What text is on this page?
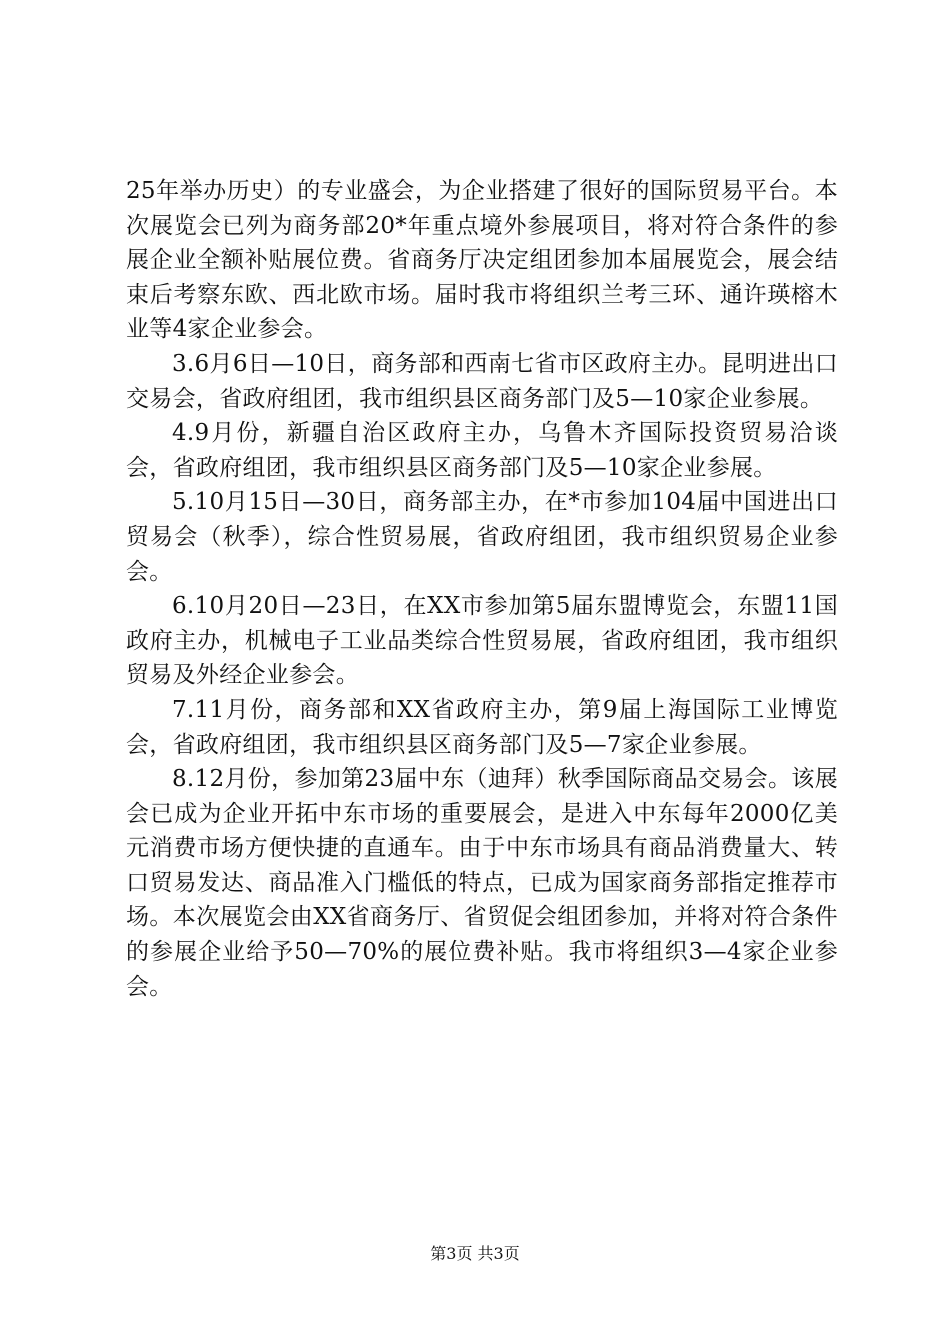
25年举办历史）的专业盛会，为企业搭建了很好的国际贸易平台。本次展览会已列为商务部20*年重点境外参展项目，将对符合条件的参展企业全额补贴展位费。省商务厅决定组团参加本届展览会，展会结束后考察东欧、西北欧市场。届时我市将组织兰考三环、通许瑛榕木业等4家企业参会。

3.6月6日—10日，商务部和西南七省市区政府主办。昆明进出口交易会，省政府组团，我市组织县区商务部门及5—10家企业参展。

4.9月份，新疆自治区政府主办，乌鲁木齐国际投资贸易洽谈会，省政府组团，我市组织县区商务部门及5—10家企业参展。

5.10月15日—30日，商务部主办，在*市参加104届中国进出口贸易会（秋季），综合性贸易展，省政府组团，我市组织贸易企业参会。

6.10月20日—23日，在XX市参加第5届东盟博览会，东盟11国政府主办，机械电子工业品类综合性贸易展，省政府组团，我市组织贸易及外经企业参会。

7.11月份，商务部和XX省政府主办，第9届上海国际工业博览会，省政府组团，我市组织县区商务部门及5—7家企业参展。

8.12月份，参加第23届中东（迪拜）秋季国际商品交易会。该展会已成为企业开拓中东市场的重要展会，是进入中东每年2000亿美元消费市场方便快捷的直通车。由于中东市场具有商品消费量大、转口贸易发达、商品准入门槛低的特点，已成为国家商务部指定推荐市场。本次展览会由XX省商务厅、省贸促会组团参加，并将对符合条件的参展企业给予50—70%的展位费补贴。我市将组织3—4家企业参会。

第3页 共3页
